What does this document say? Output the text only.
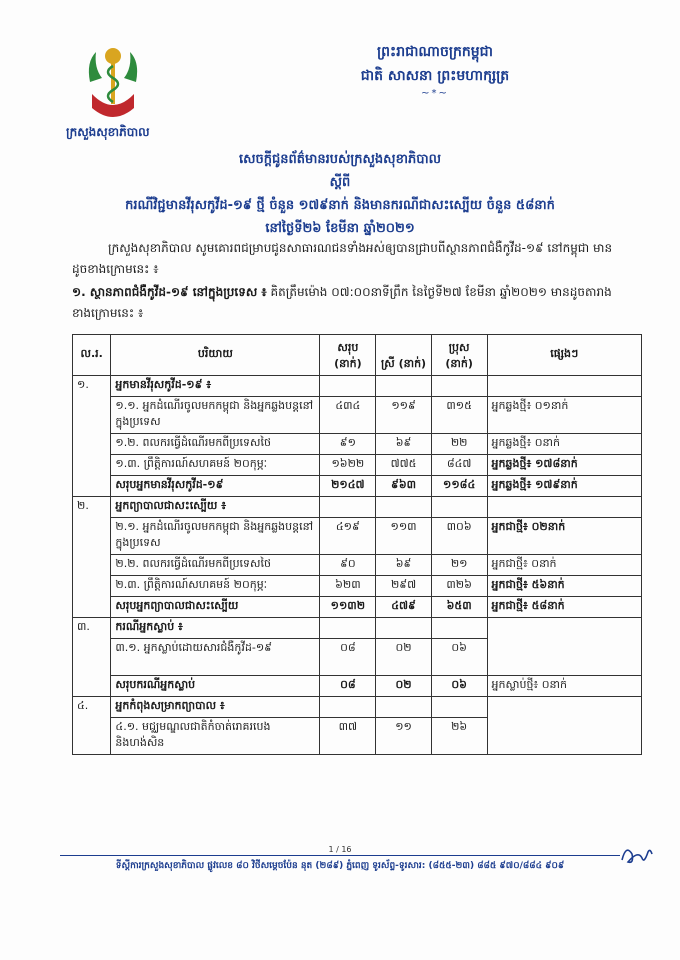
ក្រសួងសុខាភិបាល
ព្រះរាជាណាចក្រកម្ពុជា
ជាតិ សាសនា ព្រះមហាក្សត្រ
~*~
សេចក្តីជូនព័ត៌មានរបស់ក្រសួងសុខាភិបាល
ស្តីពី
ករណីវិជ្ជមានវីរុសកូវីដ-១៩ ថ្មី ចំនួន ១៧៩នាក់ និងមានករណីជាសះស្បើយ ចំនួន ៥៨នាក់
នៅថ្ងៃទី២៦ ខែមីនា ឆ្នាំ២០២១

ក្រសួងសុខាភិបាល សូមគោរពជម្រាបជូនសាធារណជនទាំងអស់ឲ្យបានជ្រាបពីស្ថានភាពជំងឺកូវីដ-១៩ នៅកម្ពុជា មានដូចខាងក្រោមនេះ ៖

១. ស្ថានភាពជំងឺកូវីដ-១៩ នៅក្នុងប្រទេស ៖ គិតត្រឹមម៉ោង ០៧:០០នាទីព្រឹក នៃថ្ងៃទី២៧ ខែមីនា ឆ្នាំ២០២១ មានដូចតារាងខាងក្រោមនេះ ៖
ល.រ.	បរិយាយ	សរុប (នាក់)	ស្រី (នាក់)	ប្រុស (នាក់)	ផ្សេងៗ
១.	អ្នកមានវីរុសកូវីដ-១៩ ៖				
	១.១. អ្នកដំណើរចូលមកកម្ពុជា និងអ្នកឆ្លងបន្តនៅក្នុងប្រទេស	៤៣៤	១១៩	៣១៥	អ្នកឆ្លងថ្មី៖ ០១នាក់
	១.២. ពលករធ្វើដំណើរមកពីប្រទេសថៃ	៩១	៦៩	២២	អ្នកឆ្លងថ្មី៖ ០នាក់
	១.៣. ព្រឹត្តិការណ៍សហគមន៍ ២០កុម្ភៈ	១៦២២	៧៧៥	៨៤៧	អ្នកឆ្លងថ្មី៖ ១៧៨នាក់
	សរុបអ្នកមានវីរុសកូវីដ-១៩	២១៤៧	៩៦៣	១១៨៤	អ្នកឆ្លងថ្មី៖ ១៧៩នាក់
២.	អ្នកព្យាបាលជាសះស្បើយ ៖				
	២.១. អ្នកដំណើរចូលមកកម្ពុជា និងអ្នកឆ្លងបន្តនៅក្នុងប្រទេស	៤១៩	១១៣	៣០៦	អ្នកជាថ្មី៖ ០២នាក់
	២.២. ពលករធ្វើដំណើរមកពីប្រទេសថៃ	៩០	៦៩	២១	អ្នកជាថ្មី៖ ០នាក់
	២.៣. ព្រឹត្តិការណ៍សហគមន៍ ២០កុម្ភៈ	៦២៣	២៩៧	៣២៦	អ្នកជាថ្មី៖ ៥៦នាក់
	សរុបអ្នកព្យាបាលជាសះស្បើយ	១១៣២	៤៧៩	៦៥៣	អ្នកជាថ្មី៖ ៥៨នាក់
៣.	ករណីអ្នកស្លាប់ ៖				
	៣.១. អ្នកស្លាប់ដោយសារជំងឺកូវីដ-១៩	០៨	០២	០៦	
	សរុបករណីអ្នកស្លាប់	០៨	០២	០៦	អ្នកស្លាប់ថ្មី៖ ០នាក់
៤.	អ្នកកំពុងសម្រាកព្យាបាល ៖				
	៤.១. មជ្ឈមណ្ឌលជាតិកំចាត់រោគរបេង និងហង់សិន	៣៧	១១	២៦	
1 / 16
ទីស្តីការក្រសួងសុខាភិបាល ផ្លូវលេខ ៨០ វិថីសម្តេចប៉ែន នុត (២៨៩) ភ្នំពេញ ទូរស័ព្ទ-ទូរសារ: (៨៥៥-២៣) ៨៨៥ ៩៧០/៨៨៤ ៩០៩
